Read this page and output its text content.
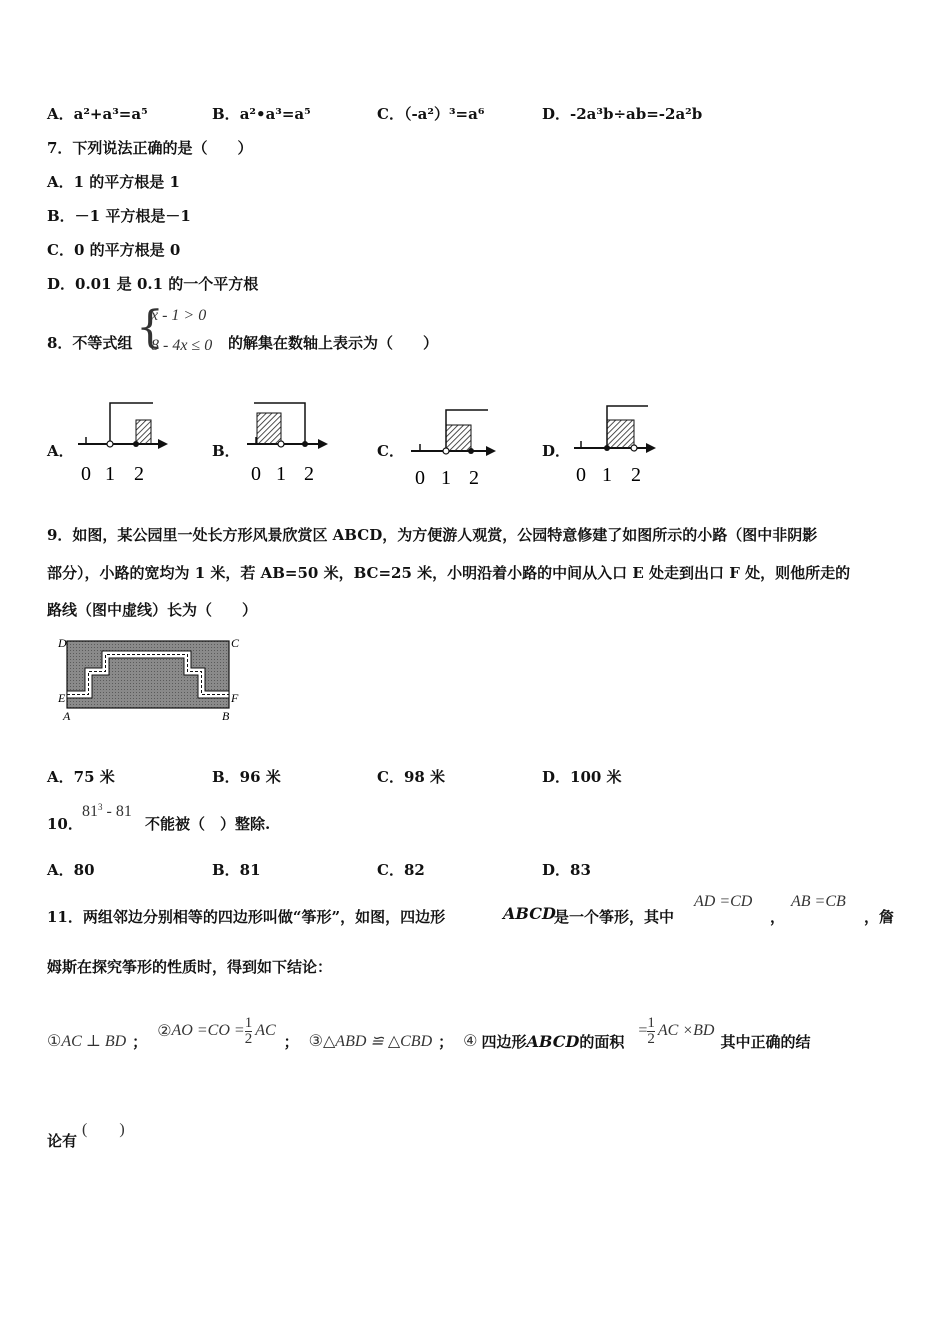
A．a²+a³=a⁵	B．a²•a³=a⁵	C．（-a²）³=a⁶	D．-2a³b÷ab=-2a²b
7．下列说法正确的是（　　）
A．1 的平方根是 1
B．－1 平方根是－1
C．0 的平方根是 0
D．0.01 是 0.1 的一个平方根
8．不等式组 {
x - 1 > 0
8 - 4x ≤ 0 的解集在数轴上表示为（　　）
A．	B．	C．	D．
0 1 2	0 1 2	0 1 2	0 1 2
9．如图，某公园里一处长方形风景欣赏区 ABCD，为方便游人观赏，公园特意修建了如图所示的小路（图中非阴影
部分），小路的宽均为 1 米，若 AB=50 米，BC=25 米，小明沿着小路的中间从入口 E 处走到出口 F 处，则他所走的
路线（图中虚线）长为（　　）
D	C
E	F
A	B
A．75 米	B．96 米	C．98 米	D．100 米
10．
$81^3 - 81$
不能被（　）整除.
A．80	B．81	C．82	D．83
11．两组邻边分别相等的四边形叫做“筝形”，如图，四边形	ABCD
是一个筝形，其中
AD =CD
，
AB =CB
，詹
姆斯在探究筝形的性质时，得到如下结论：
① AC ⊥ BD ；
② AO $=CO = \frac{1}{2}$ AC
； ③ △ABD ≌ △CBD ； ④ 四边形 ABCD 的面积
= $\frac{1}{2}$ AC ×BD
其中正确的结
论有
(　　)
